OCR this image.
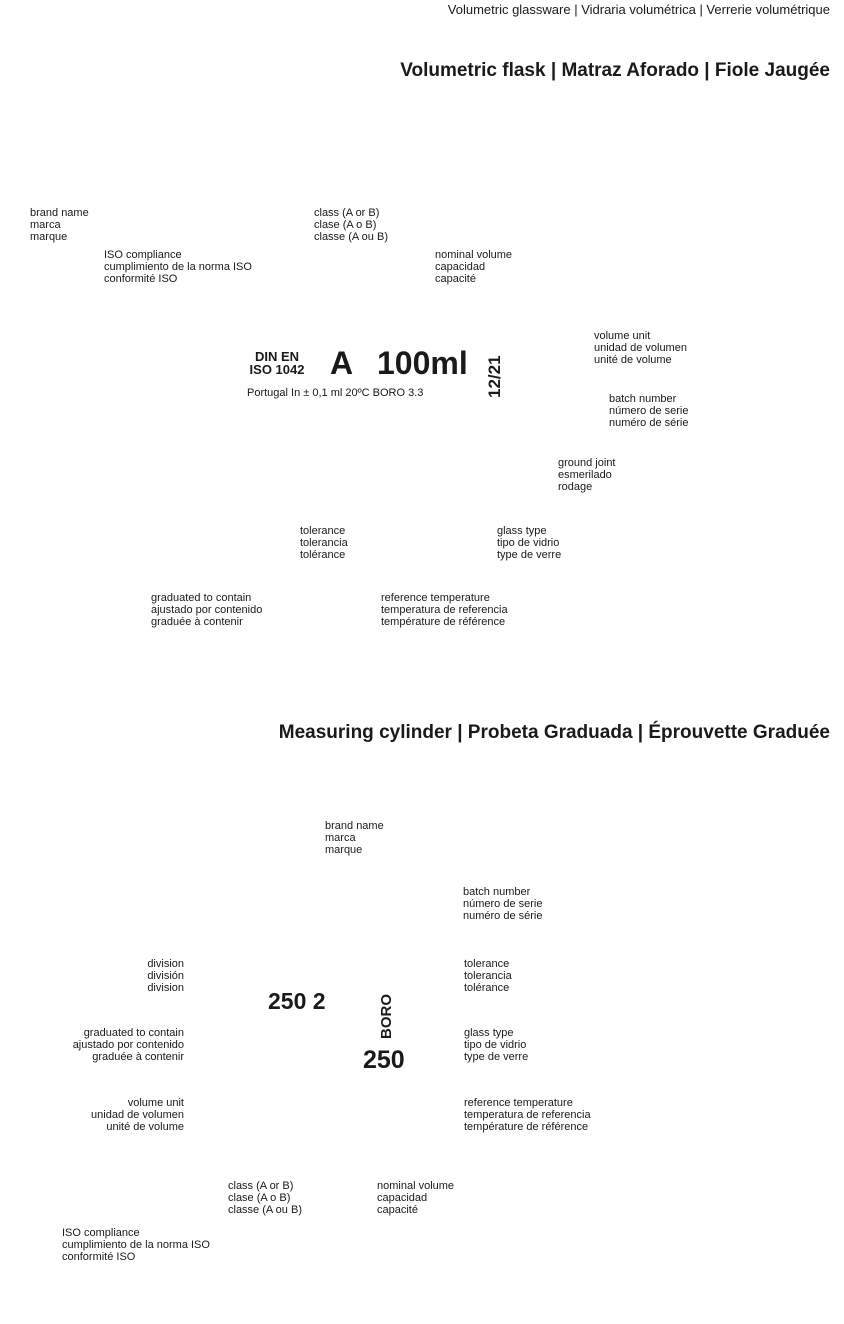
Volumetric glassware | Vidraria volumétrica | Verrerie volumétrique
Volumetric flask | Matraz Aforado | Fiole Jaugée
brand name
marca
marque
ISO compliance
cumplimiento de la norma ISO
conformité ISO
class (A or B)
clase (A o B)
classe (A ou B)
nominal volume
capacidad
capacité
volume unit
unidad de volumen
unité de volume
batch number
número de serie
numéro de série
ground joint
esmerilado
rodage
tolerance
tolerancia
tolérance
glass type
tipo de vidrio
type de verre
graduated to contain
ajustado por contenido
graduée à contenir
reference temperature
temperatura de referencia
température de référence
DIN EN
ISO 1042 A 100ml 12/21
Portugal In ± 0,1 ml 20ºC BORO 3.3
Measuring cylinder | Probeta Graduada | Éprouvette Graduée
brand name
marca
marque
batch number
número de serie
numéro de série
division
división
division
tolerance
tolerancia
tolérance
graduated to contain
ajustado por contenido
graduée à contenir
glass type
tipo de vidrio
type de verre
volume unit
unidad de volumen
unité de volume
reference temperature
temperatura de referencia
température de référence
class (A or B)
clase (A o B)
classe (A ou B)
nominal volume
capacidad
capacité
ISO compliance
cumplimiento de la norma ISO
conformité ISO
250 2	BORO
250
